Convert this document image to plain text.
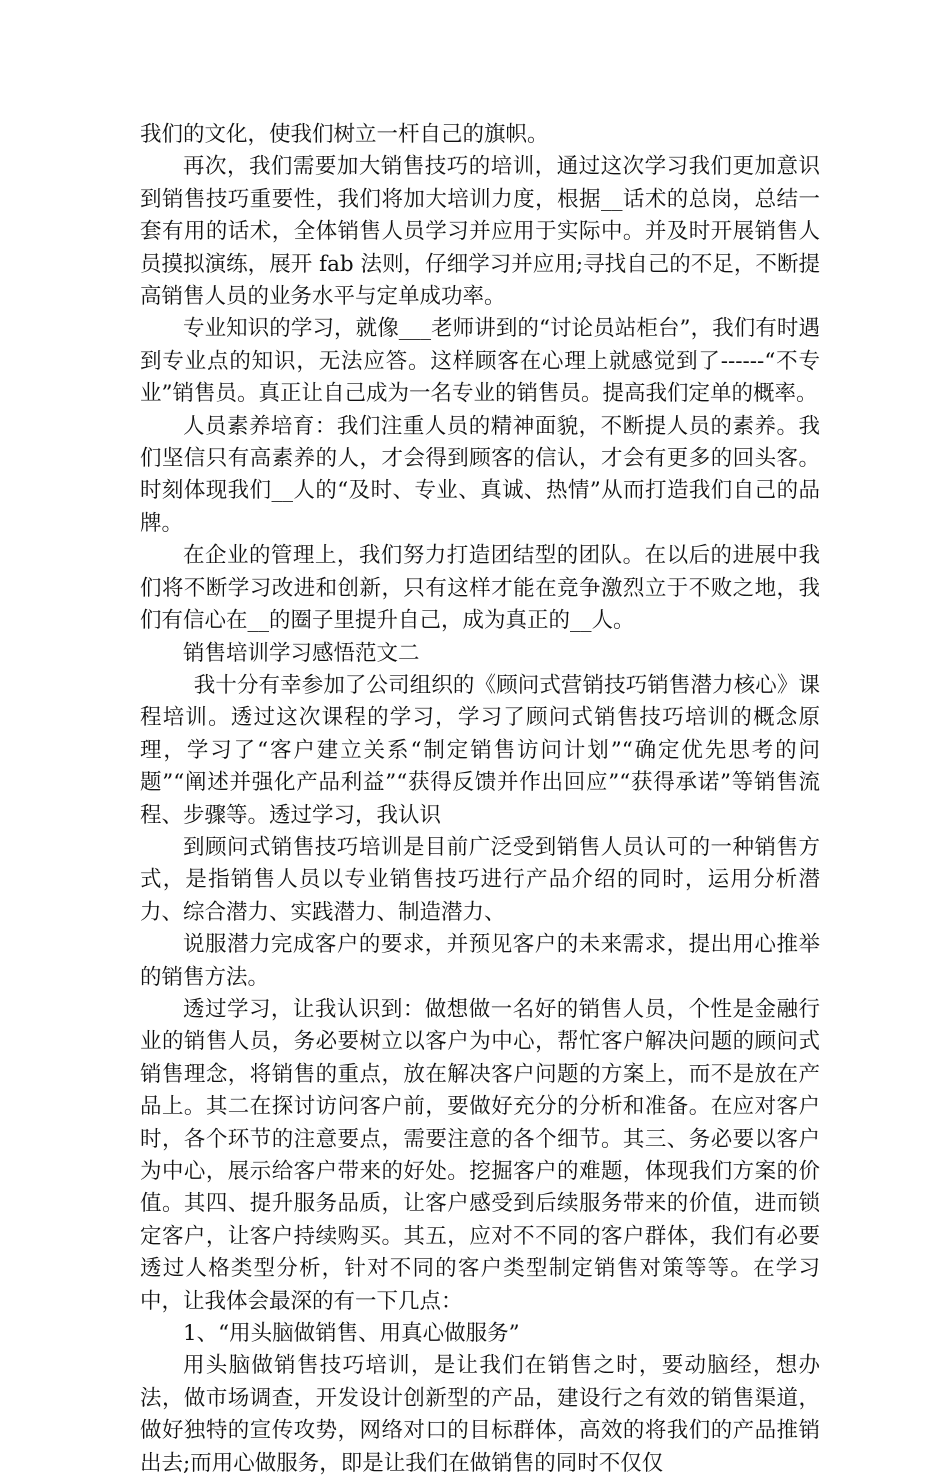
我们的文化，使我们树立一杆自己的旗帜。

再次，我们需要加大销售技巧的培训，通过这次学习我们更加意识到销售技巧重要性，我们将加大培训力度，根据__话术的总岗，总结一套有用的话术，全体销售人员学习并应用于实际中。并及时开展销售人员摸拟演练，展开 fab 法则，仔细学习并应用;寻找自己的不足，不断提高销售人员的业务水平与定单成功率。

专业知识的学习，就像___老师讲到的“讨论员站柜台”，我们有时遇到专业点的知识，无法应答。这样顾客在心理上就感觉到了------“不专业”销售员。真正让自己成为一名专业的销售员。提高我们定单的概率。

人员素养培育：我们注重人员的精神面貌，不断提人员的素养。我们坚信只有高素养的人，才会得到顾客的信认，才会有更多的回头客。时刻体现我们__人的“及时、专业、真诚、热情”从而打造我们自己的品牌。

在企业的管理上，我们努力打造团结型的团队。在以后的进展中我们将不断学习改进和创新，只有这样才能在竞争激烈立于不败之地，我们有信心在__的圈子里提升自己，成为真正的__人。

销售培训学习感悟范文二

我十分有幸参加了公司组织的《顾问式营销技巧销售潜力核心》课程培训。透过这次课程的学习，学习了顾问式销售技巧培训的概念原理，学习了“客户建立关系“制定销售访问计划”“确定优先思考的问题”“阐述并强化产品利益”“获得反馈并作出回应”“获得承诺”等销售流程、步骤等。透过学习，我认识

到顾问式销售技巧培训是目前广泛受到销售人员认可的一种销售方式，是指销售人员以专业销售技巧进行产品介绍的同时，运用分析潜力、综合潜力、实践潜力、制造潜力、

说服潜力完成客户的要求，并预见客户的未来需求，提出用心推举的销售方法。

透过学习，让我认识到：做想做一名好的销售人员，个性是金融行业的销售人员，务必要树立以客户为中心，帮忙客户解决问题的顾问式销售理念，将销售的重点，放在解决客户问题的方案上，而不是放在产品上。其二在探讨访问客户前，要做好充分的分析和准备。在应对客户时，各个环节的注意要点，需要注意的各个细节。其三、务必要以客户为中心，展示给客户带来的好处。挖掘客户的难题，体现我们方案的价值。其四、提升服务品质，让客户感受到后续服务带来的价值，进而锁定客户，让客户持续购买。其五，应对不不同的客户群体，我们有必要透过人格类型分析，针对不同的客户类型制定销售对策等等。在学习中，让我体会最深的有一下几点：

1、“用头脑做销售、用真心做服务”

用头脑做销售技巧培训，是让我们在销售之时，要动脑经，想办法，做市场调查，开发设计创新型的产品，建设行之有效的销售渠道，做好独特的宣传攻势，网络对口的目标群体，高效的将我们的产品推销出去;而用心做服务，即是让我们在做销售的同时不仅仅
